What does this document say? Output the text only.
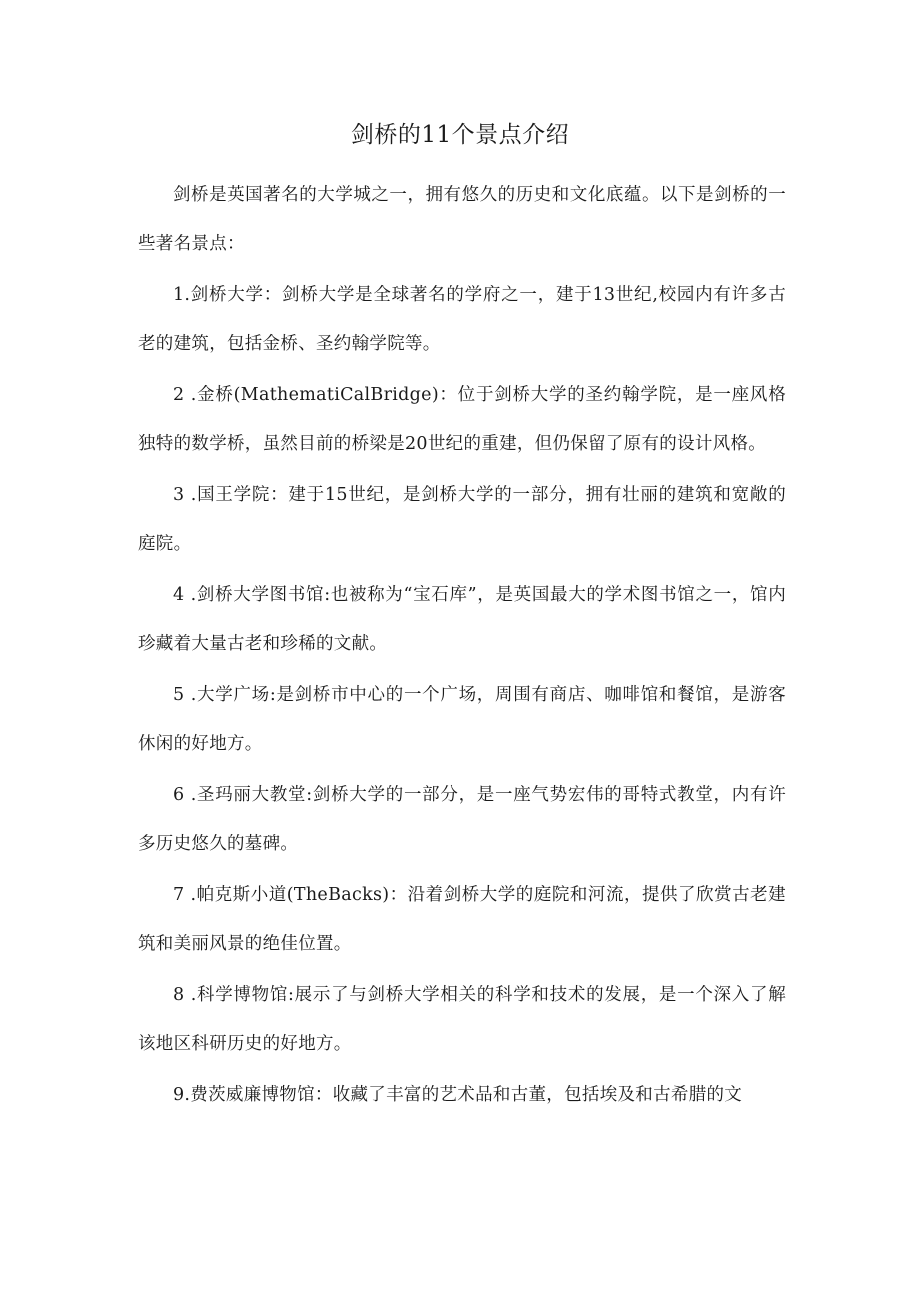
剑桥的11个景点介绍

剑桥是英国著名的大学城之一，拥有悠久的历史和文化底蕴。以下是剑桥的一些著名景点：

1.剑桥大学：剑桥大学是全球著名的学府之一，建于13世纪,校园内有许多古老的建筑，包括金桥、圣约翰学院等。

2 .金桥(MathematiCalBridge)：位于剑桥大学的圣约翰学院，是一座风格独特的数学桥，虽然目前的桥梁是20世纪的重建，但仍保留了原有的设计风格。

3 .国王学院：建于15世纪，是剑桥大学的一部分，拥有壮丽的建筑和宽敞的庭院。

4 .剑桥大学图书馆:也被称为“宝石库”，是英国最大的学术图书馆之一，馆内珍藏着大量古老和珍稀的文献。

5 .大学广场:是剑桥市中心的一个广场，周围有商店、咖啡馆和餐馆，是游客休闲的好地方。

6 .圣玛丽大教堂:剑桥大学的一部分，是一座气势宏伟的哥特式教堂，内有许多历史悠久的墓碑。

7 .帕克斯小道(TheBacks)：沿着剑桥大学的庭院和河流，提供了欣赏古老建筑和美丽风景的绝佳位置。

8 .科学博物馆:展示了与剑桥大学相关的科学和技术的发展，是一个深入了解该地区科研历史的好地方。

9.费茨威廉博物馆：收藏了丰富的艺术品和古董，包括埃及和古希腊的文
